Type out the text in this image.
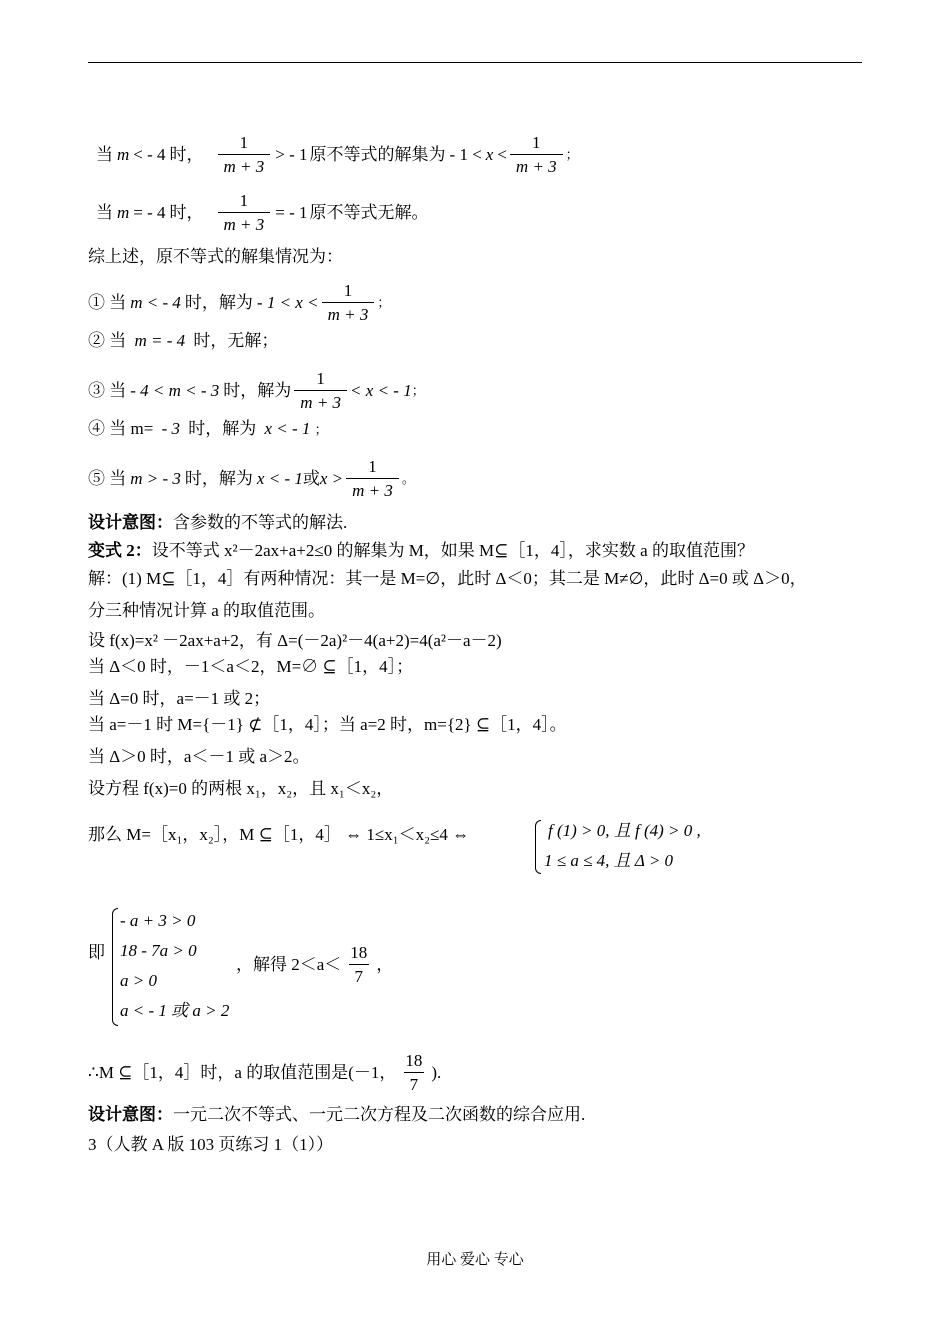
当 m < - 4 时， $\frac{1}{m + 3}$ > - 1 原不等式的解集为 - $1 < x < \frac{1}{m + 3}$ ；
当 m = - 4 时， $\frac{1}{m + 3}$ = - 1 原不等式无解。
综上述，原不等式的解集情况为：
① 当 m < - 4 时，解为 - $1 < x < \frac{1}{m + 3}$ ；
② 当 m = - 4 时，无解；
③ 当 - 4 < m < - 3 时，解为 $\frac{1}{m + 3} < x$ < - 1 ；
④ 当 m= - 3 时，解为 x < - 1 ；
⑤ 当 m > - 3 时，解为 x < - 1 或 $x > \frac{1}{m + 3}$ 。
设计意图：含参数的不等式的解法.
变式 2：设不等式 x²－2ax+a+2≤0 的解集为 M，如果 M⊆［1，4］，求实数 a 的取值范围？
解：(1) M⊆［1，4］有两种情况：其一是 M=∅，此时 Δ＜0；其二是 M≠∅，此时 Δ=0 或 Δ＞0，
分三种情况计算 a 的取值范围。
设 f(x)=x² －2ax+a+2，有 Δ=(－2a)²－4(a+2)=4(a²－a－2)
当 Δ＜0 时，－1＜a＜2，M=∅ ⊆［1，4］；
当 Δ=0 时，a=－1 或 2；
当 a=－1 时 M={－1} ⊄［1，4］；当 a=2 时，m={2} ⊆［1，4］。
当 Δ＞0 时，a＜－1 或 a＞2。
设方程 f(x)=0 的两根 x₁，x₂，且 x₁＜x₂，
那么 M=［x₁，x₂］，M ⊆［1，4］ ⇔ 1≤x₁＜x₂≤4 ⇔	f (1) > 0, 且 f (4) > 0 ,
1 ≤ a ≤ 4, 且 Δ > 0
即
- a + 3 > 0
18 - 7a > 0
a > 0
a < - 1 或 a > 2
，解得 $2<a< \frac{18}{7}$ ，
∴M ⊆［1，4］时，a 的取值范围是(－1， $\frac{18}{7}$ ).
设计意图：一元二次不等式、一元二次方程及二次函数的综合应用.
3（人教 A 版 103 页练习 1（1））
用心 爱心 专心
